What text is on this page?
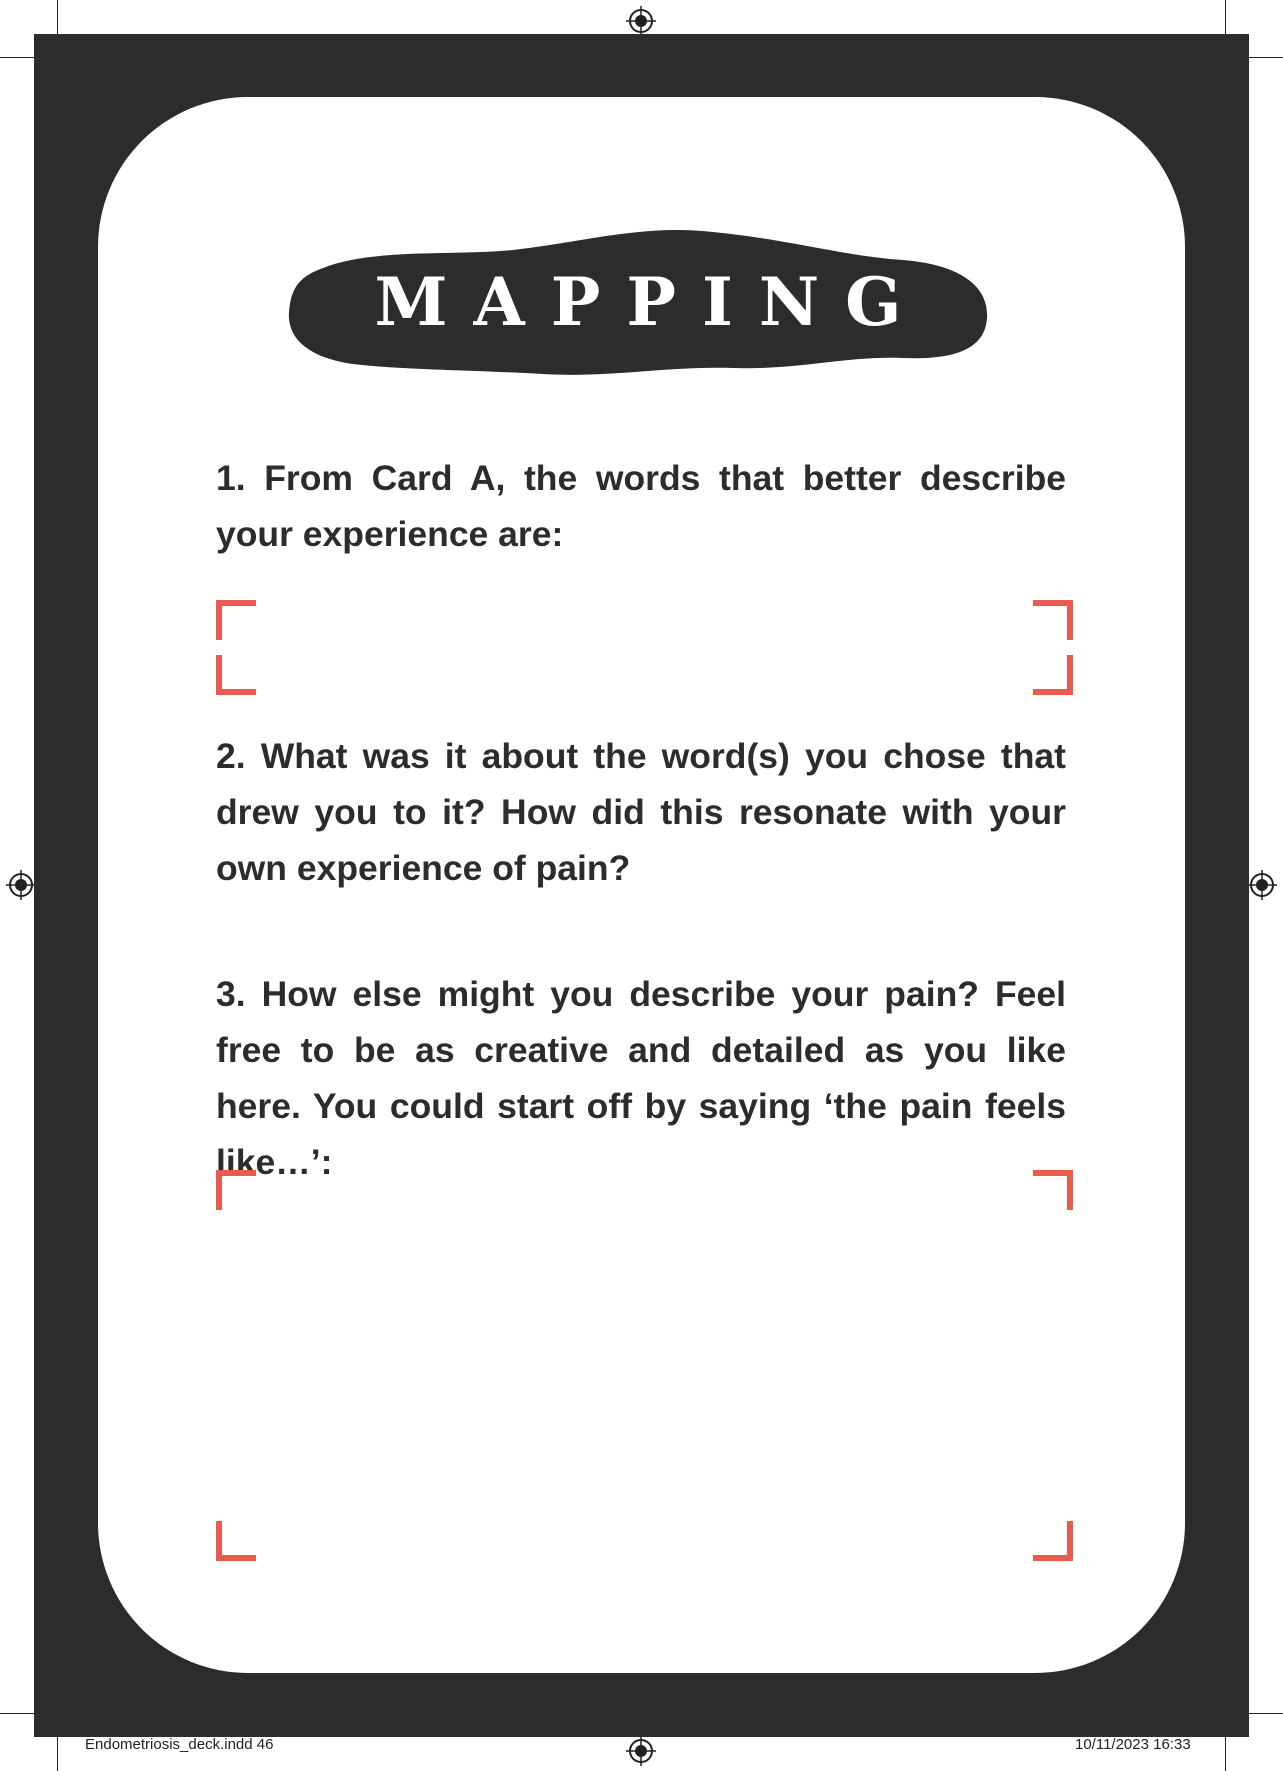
MAPPING
1. From Card A, the words that better describe your experience are:
2. What was it about the word(s) you chose that drew you to it? How did this resonate with your own experience of pain?
3. How else might you describe your pain? Feel free to be as creative and detailed as you like here. You could start off by saying ‘the pain feels like…’:
Endometriosis_deck.indd 46	10/11/2023 16:33
